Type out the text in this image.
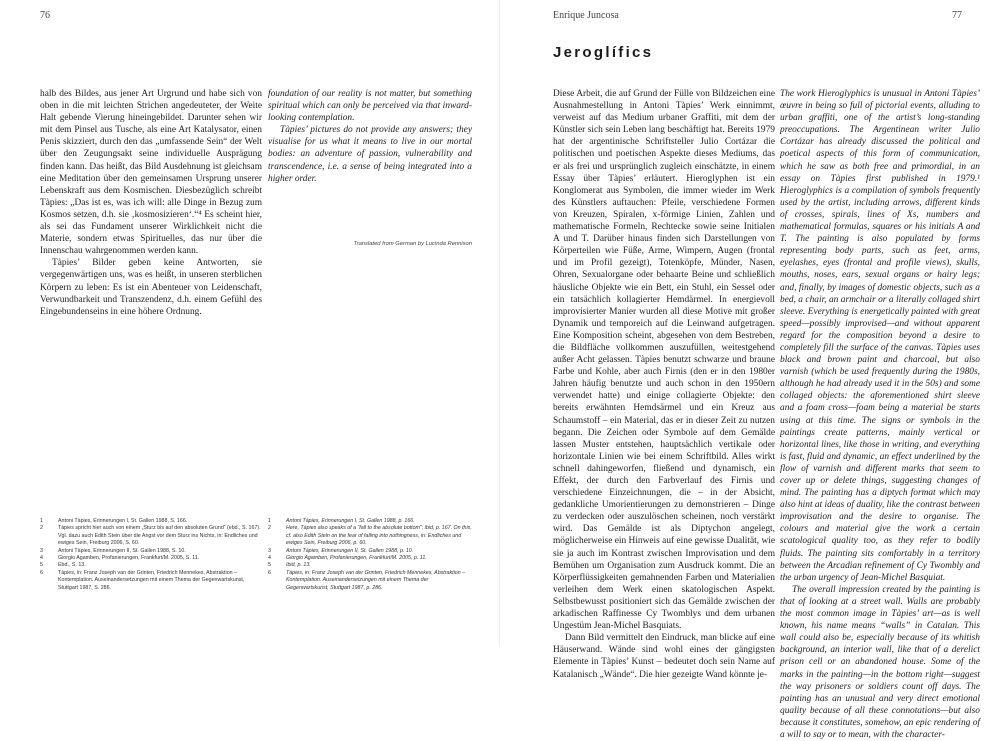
76

halb des Bildes, aus jener Art Urgrund und habe sich von oben in die mit leichten Strichen angedeuteter, der Weite Halt gebende Vierung hineingebildet. Darunter sehen wir mit dem Pinsel aus Tusche, als eine Art Katalysator, einen Penis skizziert, durch den das „umfassende Sein“ der Welt über den Zeugungsakt seine individuelle Ausprägung finden kann. Das heißt, das Bild Ausdehnung ist gleichsam eine Meditation über den gemeinsamen Ursprung unserer Lebenskraft aus dem Kosmischen. Diesbezüglich schreibt Tàpies: „Das ist es, was ich will: alle Dinge in Bezug zum Kosmos setzen, d.h. sie ‚kosmosizieren‘.“⁴ Es scheint hier, als sei das Fundament unserer Wirklichkeit nicht die Materie, sondern etwas Spirituelles, das nur über die Innenschau wahrgenommen werden kann.

Tàpies’ Bilder geben keine Antworten, sie vergegenwärtigen uns, was es heißt, in unseren sterblichen Körpern zu leben: Es ist ein Abenteuer von Leidenschaft, Verwundbarkeit und Transzendenz, d.h. einem Gefühl des Eingebundenseins in eine höhere Ordnung.

foundation of our reality is not matter, but something spiritual which can only be perceived via that inward-looking contemplation.

Tàpies’ pictures do not provide any answers; they visualise for us what it means to live in our mortal bodies: an adventure of passion, vulnerability and transcendence, i.e. a sense of being integrated into a higher order.

Translated from German by Lucinda Rennison
1	Antoni Tàpies, Erinnerungen I, St. Gallen 1988, S. 166.
2	Tàpies spricht hier auch von einem „Sturz bis auf den absoluten Grund“ (ebd., S. 167). Vgl. dazu auch Edith Stein über die Angst vor dem Sturz ins Nichts, in: Endliches und ewiges Sein, Freiburg 2006, S. 60.
3	Antoni Tàpies, Erinnerungen II, St. Gallen 1988, S. 10.
4	Giorgio Agamben, Profanierungen, Frankfurt/M. 2005, S. 11.
5	Ebd., S. 13.
6	Tàpies, in: Franz Joseph van der Grinten, Friedrich Mennekes, Abstraktion – Kontemplation. Auseinandersetzungen mit einem Thema der Gegenwartskunst, Stuttgart 1987, S. 286.
1	Antoni Tàpies, Erinnerungen I, St. Gallen 1988, p. 166.
2	Here, Tàpies also speaks of a “fall to the absolute bottom”; ibid, p. 167. On this, cf. also Edith Stein on the fear of falling into nothingness, in: Endliches und ewiges Sein, Freiburg 2006, p. 60.
3	Antoni Tàpies, Erinnerungen II, St. Gallen 1988, p. 10.
4	Giorgio Agamben, Profanierungen, Frankfurt/M. 2005, p. 11.
5	Ibid, p. 13.
6	Tàpies, in: Franz Joseph van der Grinten, Friedrich Mennekes, Abstraktion – Kontemplation. Auseinandersetzungen mit einem Thema der Gegenwartskunst, Stuttgart 1987, p. 286.
Enrique Juncosa	77
Jeroglífics

Diese Arbeit, die auf Grund der Fülle von Bildzeichen eine Ausnahmestellung in Antoni Tàpies’ Werk einnimmt, verweist auf das Medium urbaner Graffiti, mit dem der Künstler sich sein Leben lang beschäftigt hat. Bereits 1979 hat der argentinische Schriftsteller Julio Cortázar die politischen und poetischen Aspekte dieses Mediums, das er als frei und ursprünglich zugleich einschätzte, in einem Essay über Tàpies’ erläutert. Hieroglyphen ist ein Konglomerat aus Symbolen, die immer wieder im Werk des Künstlers auftauchen: Pfeile, verschiedene Formen von Kreuzen, Spiralen, x-förmige Linien, Zahlen und mathematische Formeln, Rechtecke sowie seine Initialen A und T. Darüber hinaus finden sich Darstellungen von Körperteilen wie Füße, Arme, Wimpern, Augen (frontal und im Profil gezeigt), Totenköpfe, Münder, Nasen, Ohren, Sexualorgane oder behaarte Beine und schließlich häusliche Objekte wie ein Bett, ein Stuhl, ein Sessel oder ein tatsächlich kollagierter Hemdärmel. In energievoll improvisierter Manier wurden all diese Motive mit großer Dynamik und temporeich auf die Leinwand aufgetragen. Eine Komposition scheint, abgesehen von dem Bestreben, die Bildfläche vollkommen auszufüllen, weitestgehend außer Acht gelassen. Tàpies benutzt schwarze und braune Farbe und Kohle, aber auch Firnis (den er in den 1980er Jahren häufig benutzte und auch schon in den 1950ern verwendet hatte) und einige collagierte Objekte: den bereits erwähnten Hemdsärmel und ein Kreuz aus Schaumstoff – ein Material, das er in dieser Zeit zu nutzen begann. Die Zeichen oder Symbole auf dem Gemälde lassen Muster entstehen, hauptsächlich vertikale oder horizontale Linien wie bei einem Schriftbild. Alles wirkt schnell dahingeworfen, fließend und dynamisch, ein Effekt, der durch den Farbverlauf des Firnis und verschiedene Einzeichnungen, die – in der Absicht, gedankliche Umorientierungen zu demonstrieren – Dinge zu verdecken oder auszulöschen scheinen, noch verstärkt wird. Das Gemälde ist als Diptychon angelegt, möglicherweise ein Hinweis auf eine gewisse Dualität, wie sie ja auch im Kontrast zwischen Improvisation und dem Bemühen um Organisation zum Ausdruck kommt. Die an Körperflüssigkeiten gemahnenden Farben und Materialien verleihen dem Werk einen skatologischen Aspekt. Selbstbewusst positioniert sich das Gemälde zwischen der arkadischen Raffinesse Cy Twomblys und dem urbanen Ungestüm Jean-Michel Basquiats.

Dann Bild vermittelt den Eindruck, man blicke auf eine Häuserwand. Wände sind wohl eines der gängigsten Elemente in Tàpies’ Kunst – bedeutet doch sein Name auf Katalanisch „Wände“. Die hier gezeigte Wand könnte je-

The work Hieroglyphics is unusual in Antoni Tàpies’ œuvre in being so full of pictorial events, alluding to urban graffiti, one of the artist’s long-standing preoccupations. The Argentinean writer Julio Cortázar has already discussed the political and poetical aspects of this form of communication, which he saw as both free and primordial, in an essay on Tàpies first published in 1979.¹ Hieroglyphics is a compilation of symbols frequently used by the artist, including arrows, different kinds of crosses, spirals, lines of Xs, numbers and mathematical formulas, squares or his initials A and T. The painting is also populated by forms representing body parts, such as feet, arms, eyelashes, eyes (frontal and profile views), skulls, mouths, noses, ears, sexual organs or hairy legs; and, finally, by images of domestic objects, such as a bed, a chair, an armchair or a literally collaged shirt sleeve. Everything is energetically painted with great speed—possibly improvised—and without apparent regard for the composition beyond a desire to completely fill the surface of the canvas. Tàpies uses black and brown paint and charcoal, but also varnish (which be used frequently during the 1980s, although he had already used it in the 50s) and some collaged objects: the aforementioned shirt sleeve and a foam cross—foam being a material be starts using at this time. The signs or symbols in the paintings create patterns, mainly vertical or horizontal lines, like those in writing, and everything is fast, fluid and dynamic, an effect underlined by the flow of varnish and different marks that seem to cover up or delete things, suggesting changes of mind. The painting has a diptych format which may also hint at ideas of duality, like the contrast between improvisation and the desire to organise. The colours and material give the work a certain scatological quality too, as they refer to bodily fluids. The painting sits comfortably in a territory between the Arcadian refinement of Cy Twombly and the urban urgency of Jean-Michel Basquiat.

The overall impression created by the painting is that of looking at a street wall. Walls are probably the most common image in Tàpies’ art—as is well known, his name means “walls” in Catalan. This wall could also be, especially because of its whitish background, an interior wall, like that of a derelict prison cell or an abandoned house. Some of the marks in the painting—in the bottom right—suggest the way prisoners or soldiers count off days. The painting has an unusual and very direct emotional quality because of all these connotations—but also because it constitutes, somehow, an epic rendering of a will to say or to mean, with the character-
